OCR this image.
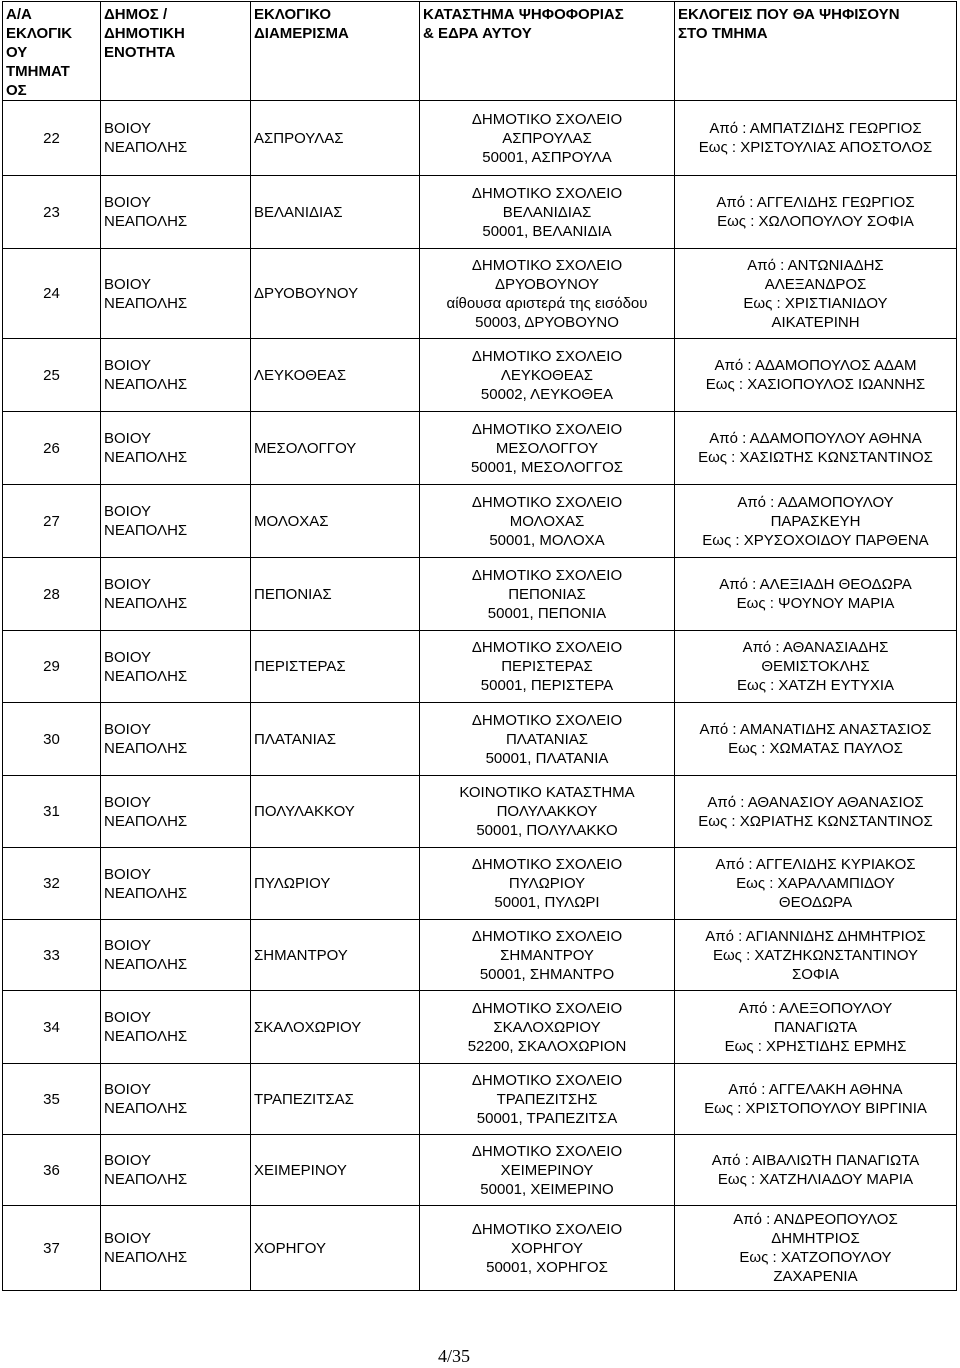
Α/Α
ΕΚΛΟΓΙΚ
ΟΥ
ΤΜΗΜΑΤ
ΟΣ	ΔΗΜΟΣ /
ΔΗΜΟΤΙΚΗ
ΕΝΟΤΗΤΑ	ΕΚΛΟΓΙΚΟ
ΔΙΑΜΕΡΙΣΜΑ	ΚΑΤΑΣΤΗΜΑ ΨΗΦΟΦΟΡΙΑΣ
& ΕΔΡΑ ΑΥΤΟΥ	ΕΚΛΟΓΕΙΣ ΠΟΥ ΘΑ ΨΗΦΙΣΟΥΝ
ΣΤΟ ΤΜΗΜΑ

22	ΒΟΙΟΥ
ΝΕΑΠΟΛΗΣ	ΑΣΠΡΟΥΛΑΣ	ΔΗΜΟΤΙΚΟ ΣΧΟΛΕΙΟ
ΑΣΠΡΟΥΛΑΣ
50001, ΑΣΠΡΟΥΛΑ	Από : ΑΜΠΑΤΖΙΔΗΣ ΓΕΩΡΓΙΟΣ
Εως : ΧΡΙΣΤΟΥΛΙΑΣ ΑΠΟΣΤΟΛΟΣ

23	ΒΟΙΟΥ
ΝΕΑΠΟΛΗΣ	ΒΕΛΑΝΙΔΙΑΣ	ΔΗΜΟΤΙΚΟ ΣΧΟΛΕΙΟ
ΒΕΛΑΝΙΔΙΑΣ
50001, ΒΕΛΑΝΙΔΙΑ	Από : ΑΓΓΕΛΙΔΗΣ ΓΕΩΡΓΙΟΣ
Εως : ΧΩΛΟΠΟΥΛΟΥ ΣΟΦΙΑ

24	ΒΟΙΟΥ
ΝΕΑΠΟΛΗΣ	ΔΡΥΟΒΟΥΝΟΥ	ΔΗΜΟΤΙΚΟ ΣΧΟΛΕΙΟ
ΔΡΥΟΒΟΥΝΟΥ
αίθουσα αριστερά της εισόδου
50003, ΔΡΥΟΒΟΥΝΟ	Από : ΑΝΤΩΝΙΑΔΗΣ
ΑΛΕΞΑΝΔΡΟΣ
Εως : ΧΡΙΣΤΙΑΝΙΔΟΥ
ΑΙΚΑΤΕΡΙΝΗ

25	ΒΟΙΟΥ
ΝΕΑΠΟΛΗΣ	ΛΕΥΚΟΘΕΑΣ	ΔΗΜΟΤΙΚΟ ΣΧΟΛΕΙΟ
ΛΕΥΚΟΘΕΑΣ
50002, ΛΕΥΚΟΘΕΑ	Από : ΑΔΑΜΟΠΟΥΛΟΣ ΑΔΑΜ
Εως : ΧΑΣΙΟΠΟΥΛΟΣ ΙΩΑΝΝΗΣ

26	ΒΟΙΟΥ
ΝΕΑΠΟΛΗΣ	ΜΕΣΟΛΟΓΓΟΥ	ΔΗΜΟΤΙΚΟ ΣΧΟΛΕΙΟ
ΜΕΣΟΛΟΓΓΟΥ
50001, ΜΕΣΟΛΟΓΓΟΣ	Από : ΑΔΑΜΟΠΟΥΛΟΥ ΑΘΗΝΑ
Εως : ΧΑΣΙΩΤΗΣ ΚΩΝΣΤΑΝΤΙΝΟΣ

27	ΒΟΙΟΥ
ΝΕΑΠΟΛΗΣ	ΜΟΛΟΧΑΣ	ΔΗΜΟΤΙΚΟ ΣΧΟΛΕΙΟ
ΜΟΛΟΧΑΣ
50001, ΜΟΛΟΧΑ	Από : ΑΔΑΜΟΠΟΥΛΟΥ
ΠΑΡΑΣΚΕΥΗ
Εως : ΧΡΥΣΟΧΟΙΔΟΥ ΠΑΡΘΕΝΑ

28	ΒΟΙΟΥ
ΝΕΑΠΟΛΗΣ	ΠΕΠΟΝΙΑΣ	ΔΗΜΟΤΙΚΟ ΣΧΟΛΕΙΟ
ΠΕΠΟΝΙΑΣ
50001, ΠΕΠΟΝΙΑ	Από : ΑΛΕΞΙΑΔΗ ΘΕΟΔΩΡΑ
Εως : ΨΟΥΝΟΥ ΜΑΡΙΑ

29	ΒΟΙΟΥ
ΝΕΑΠΟΛΗΣ	ΠΕΡΙΣΤΕΡΑΣ	ΔΗΜΟΤΙΚΟ ΣΧΟΛΕΙΟ
ΠΕΡΙΣΤΕΡΑΣ
50001, ΠΕΡΙΣΤΕΡΑ	Από : ΑΘΑΝΑΣΙΑΔΗΣ
ΘΕΜΙΣΤΟΚΛΗΣ
Εως : ΧΑΤΖΗ ΕΥΤΥΧΙΑ

30	ΒΟΙΟΥ
ΝΕΑΠΟΛΗΣ	ΠΛΑΤΑΝΙΑΣ	ΔΗΜΟΤΙΚΟ ΣΧΟΛΕΙΟ
ΠΛΑΤΑΝΙΑΣ
50001, ΠΛΑΤΑΝΙΑ	Από : ΑΜΑΝΑΤΙΔΗΣ ΑΝΑΣΤΑΣΙΟΣ
Εως : ΧΩΜΑΤΑΣ ΠΑΥΛΟΣ

31	ΒΟΙΟΥ
ΝΕΑΠΟΛΗΣ	ΠΟΛΥΛΑΚΚΟΥ	ΚΟΙΝΟΤΙΚΟ ΚΑΤΑΣΤΗΜΑ
ΠΟΛΥΛΑΚΚΟΥ
50001, ΠΟΛΥΛΑΚΚΟ	Από : ΑΘΑΝΑΣΙΟΥ ΑΘΑΝΑΣΙΟΣ
Εως : ΧΩΡΙΑΤΗΣ ΚΩΝΣΤΑΝΤΙΝΟΣ

32	ΒΟΙΟΥ
ΝΕΑΠΟΛΗΣ	ΠΥΛΩΡΙΟΥ	ΔΗΜΟΤΙΚΟ ΣΧΟΛΕΙΟ
ΠΥΛΩΡΙΟΥ
50001, ΠΥΛΩΡΙ	Από : ΑΓΓΕΛΙΔΗΣ ΚΥΡΙΑΚΟΣ
Εως : ΧΑΡΑΛΑΜΠΙΔΟΥ
ΘΕΟΔΩΡΑ

33	ΒΟΙΟΥ
ΝΕΑΠΟΛΗΣ	ΣΗΜΑΝΤΡΟΥ	ΔΗΜΟΤΙΚΟ ΣΧΟΛΕΙΟ
ΣΗΜΑΝΤΡΟΥ
50001, ΣΗΜΑΝΤΡΟ	Από : ΑΓΙΑΝΝΙΔΗΣ ΔΗΜΗΤΡΙΟΣ
Εως : ΧΑΤΖΗΚΩΝΣΤΑΝΤΙΝΟΥ
ΣΟΦΙΑ

34	ΒΟΙΟΥ
ΝΕΑΠΟΛΗΣ	ΣΚΑΛΟΧΩΡΙΟΥ	ΔΗΜΟΤΙΚΟ ΣΧΟΛΕΙΟ
ΣΚΑΛΟΧΩΡΙΟΥ
52200, ΣΚΑΛΟΧΩΡΙΟΝ	Από : ΑΛΕΞΟΠΟΥΛΟΥ
ΠΑΝΑΓΙΩΤΑ
Εως : ΧΡΗΣΤΙΔΗΣ ΕΡΜΗΣ

35	ΒΟΙΟΥ
ΝΕΑΠΟΛΗΣ	ΤΡΑΠΕΖΙΤΣΑΣ	ΔΗΜΟΤΙΚΟ ΣΧΟΛΕΙΟ
ΤΡΑΠΕΖΙΤΣΗΣ
50001, ΤΡΑΠΕΖΙΤΣΑ	Από : ΑΓΓΕΛΑΚΗ ΑΘΗΝΑ
Εως : ΧΡΙΣΤΟΠΟΥΛΟΥ ΒΙΡΓΙΝΙΑ

36	ΒΟΙΟΥ
ΝΕΑΠΟΛΗΣ	ΧΕΙΜΕΡΙΝΟΥ	ΔΗΜΟΤΙΚΟ ΣΧΟΛΕΙΟ
ΧΕΙΜΕΡΙΝΟΥ
50001, ΧΕΙΜΕΡΙΝΟ	Από : ΑΙΒΑΛΙΩΤΗ ΠΑΝΑΓΙΩΤΑ
Εως : ΧΑΤΖΗΛΙΑΔΟΥ ΜΑΡΙΑ

37	ΒΟΙΟΥ
ΝΕΑΠΟΛΗΣ	ΧΟΡΗΓΟΥ	ΔΗΜΟΤΙΚΟ ΣΧΟΛΕΙΟ
ΧΟΡΗΓΟΥ
50001, ΧΟΡΗΓΟΣ	Από : ΑΝΔΡΕΟΠΟΥΛΟΣ
ΔΗΜΗΤΡΙΟΣ
Εως : ΧΑΤΖΟΠΟΥΛΟΥ
ΖΑΧΑΡΕΝΙΑ
4/35
